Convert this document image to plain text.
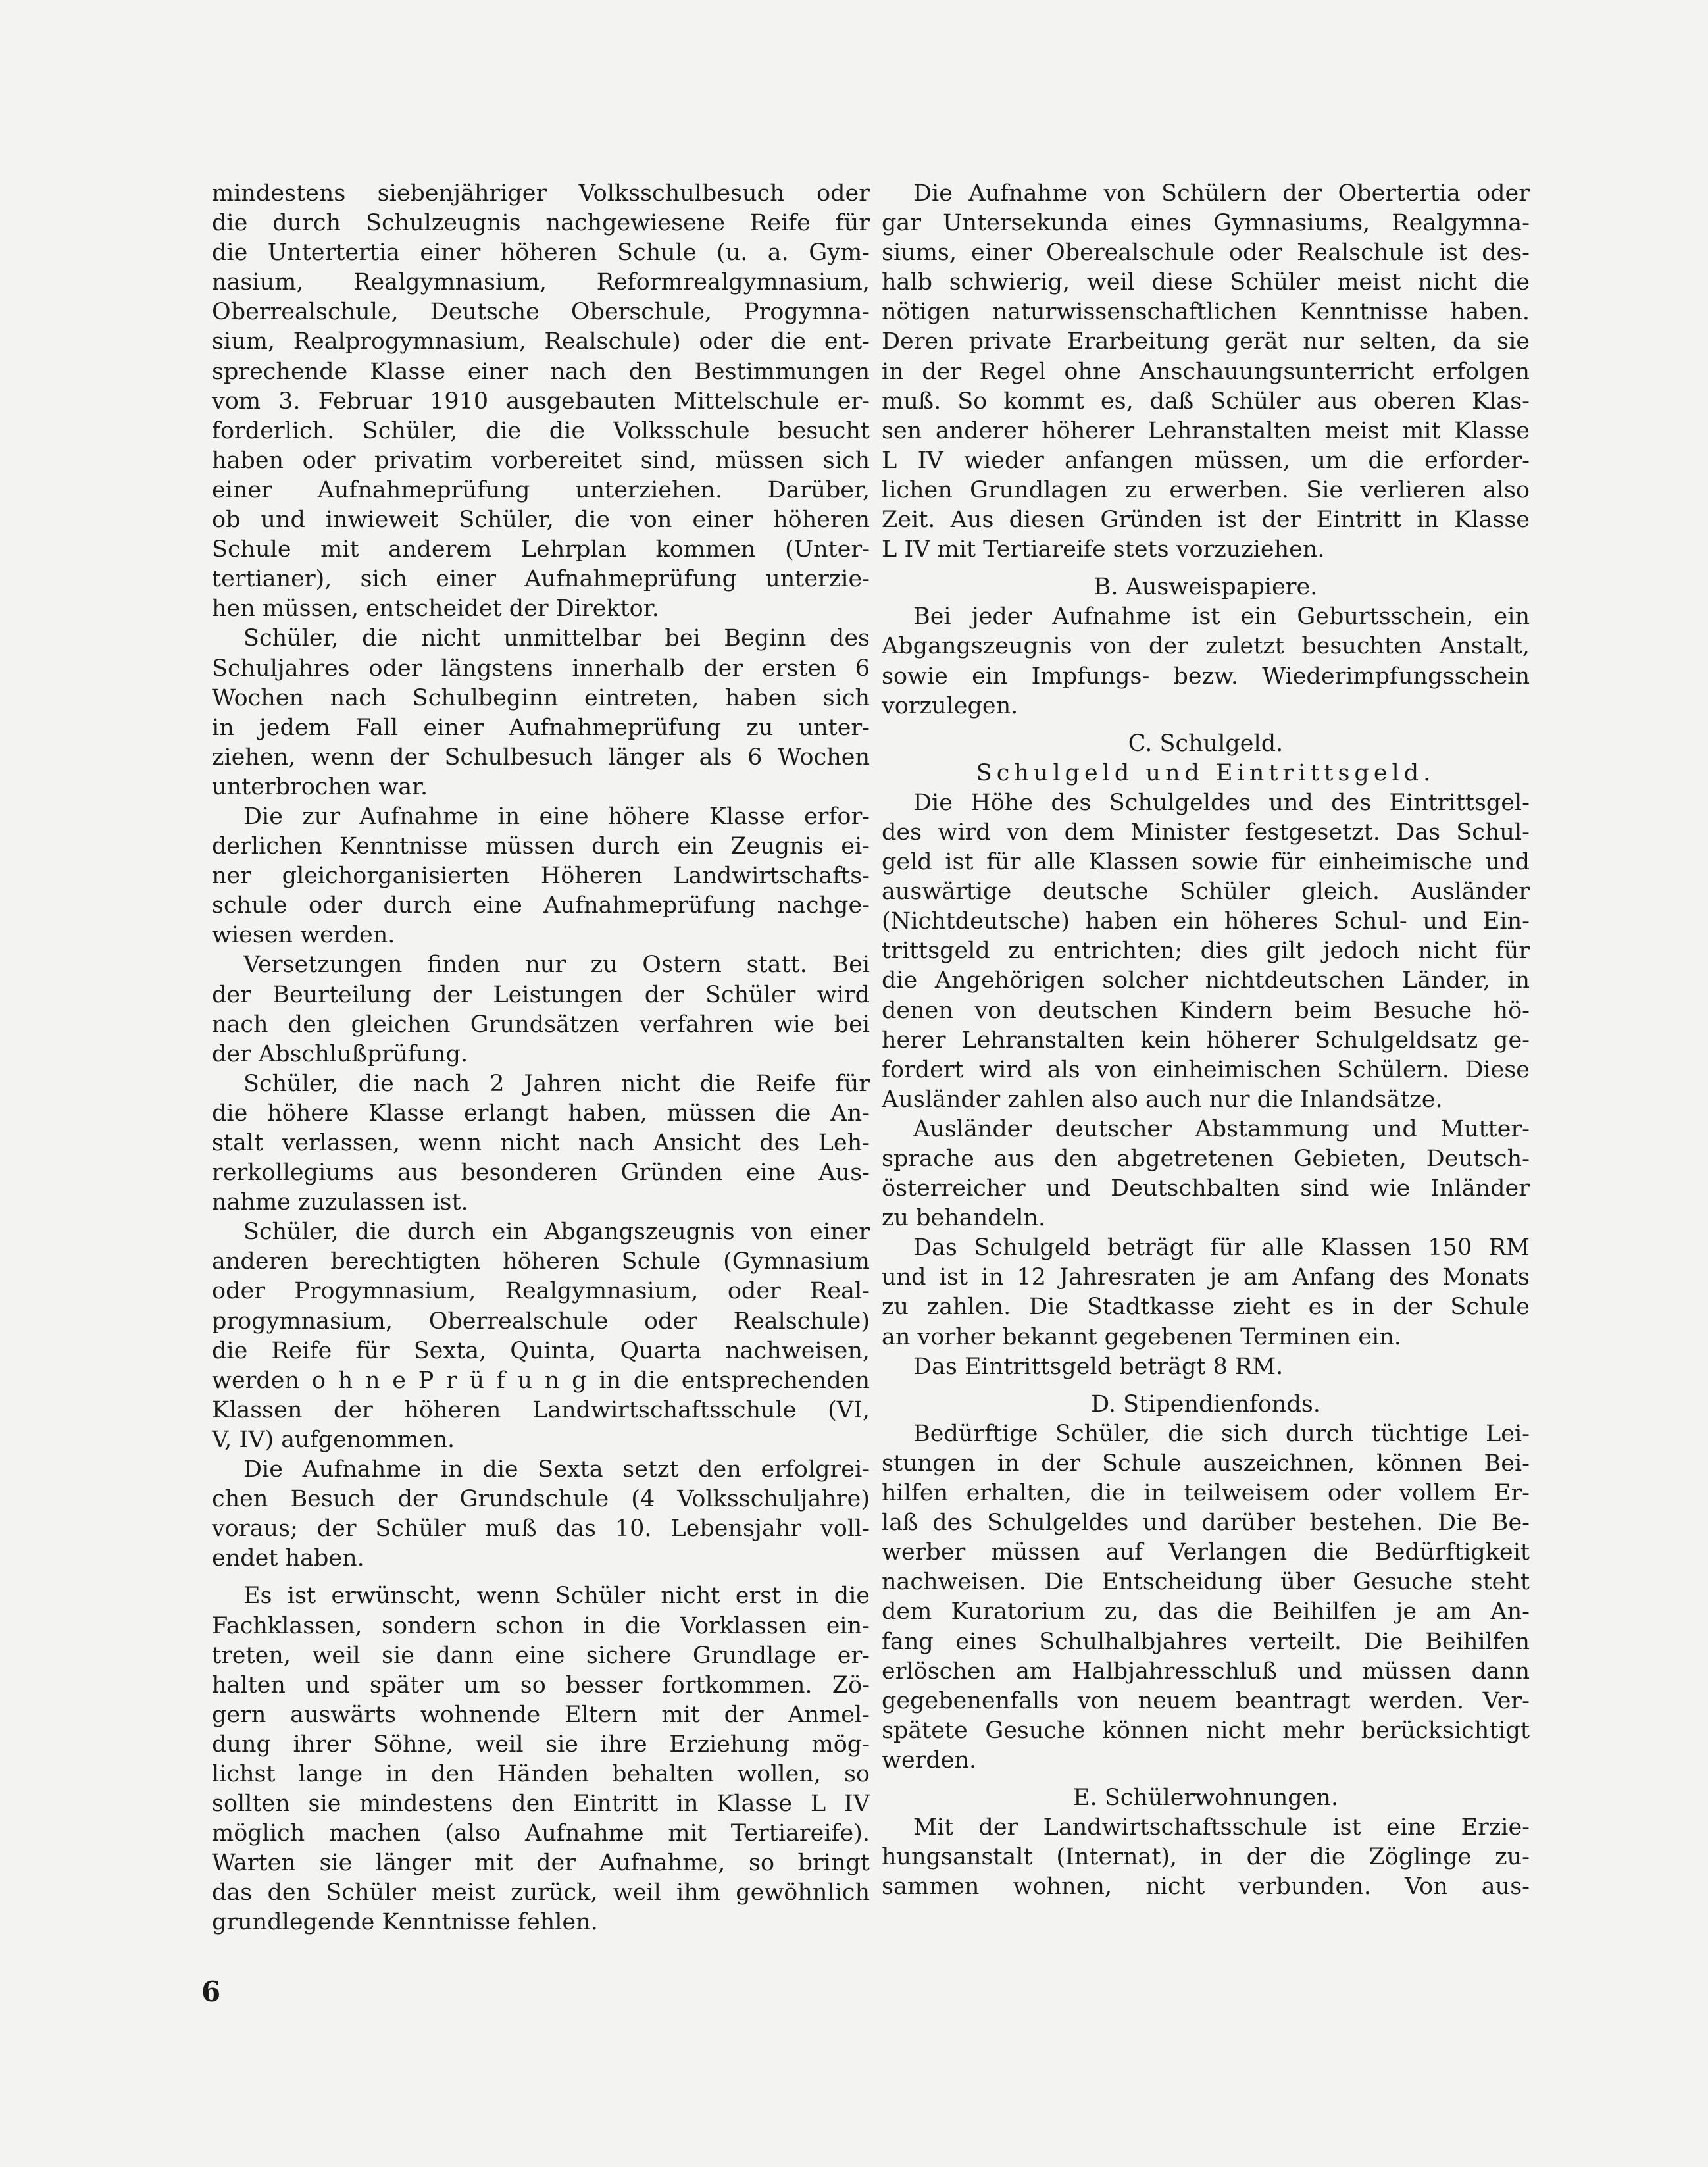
mindestens siebenjähriger Volksschulbesuch oder
die durch Schulzeugnis nachgewiesene Reife für
die Untertertia einer höheren Schule (u. a. Gym-
nasium, Realgymnasium, Reformrealgymnasium,
Oberrealschule, Deutsche Oberschule, Progymna-
sium, Realprogymnasium, Realschule) oder die ent-
sprechende Klasse einer nach den Bestimmungen
vom 3. Februar 1910 ausgebauten Mittelschule er-
forderlich. Schüler, die die Volksschule besucht
haben oder privatim vorbereitet sind, müssen sich
einer Aufnahmeprüfung unterziehen. Darüber,
ob und inwieweit Schüler, die von einer höheren
Schule mit anderem Lehrplan kommen (Unter-
tertianer), sich einer Aufnahmeprüfung unterzie-
hen müssen, entscheidet der Direktor.
Schüler, die nicht unmittelbar bei Beginn des
Schuljahres oder längstens innerhalb der ersten 6
Wochen nach Schulbeginn eintreten, haben sich
in jedem Fall einer Aufnahmeprüfung zu unter-
ziehen, wenn der Schulbesuch länger als 6 Wochen
unterbrochen war.
Die zur Aufnahme in eine höhere Klasse erfor-
derlichen Kenntnisse müssen durch ein Zeugnis ei-
ner gleichorganisierten Höheren Landwirtschafts-
schule oder durch eine Aufnahmeprüfung nachge-
wiesen werden.
Versetzungen finden nur zu Ostern statt. Bei
der Beurteilung der Leistungen der Schüler wird
nach den gleichen Grundsätzen verfahren wie bei
der Abschlußprüfung.
Schüler, die nach 2 Jahren nicht die Reife für
die höhere Klasse erlangt haben, müssen die An-
stalt verlassen, wenn nicht nach Ansicht des Leh-
rerkollegiums aus besonderen Gründen eine Aus-
nahme zuzulassen ist.
Schüler, die durch ein Abgangszeugnis von einer
anderen berechtigten höheren Schule (Gymnasium
oder Progymnasium, Realgymnasium, oder Real-
progymnasium, Oberrealschule oder Realschule)
die Reife für Sexta, Quinta, Quarta nachweisen,
werden o h n e P r ü f u n g in die entsprechenden
Klassen der höheren Landwirtschaftsschule (VI,
V, IV) aufgenommen.
Die Aufnahme in die Sexta setzt den erfolgrei-
chen Besuch der Grundschule (4 Volksschuljahre)
voraus; der Schüler muß das 10. Lebensjahr voll-
endet haben.
Es ist erwünscht, wenn Schüler nicht erst in die
Fachklassen, sondern schon in die Vorklassen ein-
treten, weil sie dann eine sichere Grundlage er-
halten und später um so besser fortkommen. Zö-
gern auswärts wohnende Eltern mit der Anmel-
dung ihrer Söhne, weil sie ihre Erziehung mög-
lichst lange in den Händen behalten wollen, so
sollten sie mindestens den Eintritt in Klasse L IV
möglich machen (also Aufnahme mit Tertiareife).
Warten sie länger mit der Aufnahme, so bringt
das den Schüler meist zurück, weil ihm gewöhnlich
grundlegende Kenntnisse fehlen.
Die Aufnahme von Schülern der Obertertia oder
gar Untersekunda eines Gymnasiums, Realgymna-
siums, einer Oberealschule oder Realschule ist des-
halb schwierig, weil diese Schüler meist nicht die
nötigen naturwissenschaftlichen Kenntnisse haben.
Deren private Erarbeitung gerät nur selten, da sie
in der Regel ohne Anschauungsunterricht erfolgen
muß. So kommt es, daß Schüler aus oberen Klas-
sen anderer höherer Lehranstalten meist mit Klasse
L IV wieder anfangen müssen, um die erforder-
lichen Grundlagen zu erwerben. Sie verlieren also
Zeit. Aus diesen Gründen ist der Eintritt in Klasse
L IV mit Tertiareife stets vorzuziehen.
B. Ausweispapiere.
Bei jeder Aufnahme ist ein Geburtsschein, ein
Abgangszeugnis von der zuletzt besuchten Anstalt,
sowie ein Impfungs- bezw. Wiederimpfungsschein
vorzulegen.
C. Schulgeld.
Schulgeld und Eintrittsgeld.
Die Höhe des Schulgeldes und des Eintrittsgel-
des wird von dem Minister festgesetzt. Das Schul-
geld ist für alle Klassen sowie für einheimische und
auswärtige deutsche Schüler gleich. Ausländer
(Nichtdeutsche) haben ein höheres Schul- und Ein-
trittsgeld zu entrichten; dies gilt jedoch nicht für
die Angehörigen solcher nichtdeutschen Länder, in
denen von deutschen Kindern beim Besuche hö-
herer Lehranstalten kein höherer Schulgeldsatz ge-
fordert wird als von einheimischen Schülern. Diese
Ausländer zahlen also auch nur die Inlandsätze.
Ausländer deutscher Abstammung und Mutter-
sprache aus den abgetretenen Gebieten, Deutsch-
österreicher und Deutschbalten sind wie Inländer
zu behandeln.
Das Schulgeld beträgt für alle Klassen 150 RM
und ist in 12 Jahresraten je am Anfang des Monats
zu zahlen. Die Stadtkasse zieht es in der Schule
an vorher bekannt gegebenen Terminen ein.
Das Eintrittsgeld beträgt 8 RM.
D. Stipendienfonds.
Bedürftige Schüler, die sich durch tüchtige Lei-
stungen in der Schule auszeichnen, können Bei-
hilfen erhalten, die in teilweisem oder vollem Er-
laß des Schulgeldes und darüber bestehen. Die Be-
werber müssen auf Verlangen die Bedürftigkeit
nachweisen. Die Entscheidung über Gesuche steht
dem Kuratorium zu, das die Beihilfen je am An-
fang eines Schulhalbjahres verteilt. Die Beihilfen
erlöschen am Halbjahresschluß und müssen dann
gegebenenfalls von neuem beantragt werden. Ver-
spätete Gesuche können nicht mehr berücksichtigt
werden.
E. Schülerwohnungen.
Mit der Landwirtschaftsschule ist eine Erzie-
hungsanstalt (Internat), in der die Zöglinge zu-
sammen wohnen, nicht verbunden. Von aus-
6
